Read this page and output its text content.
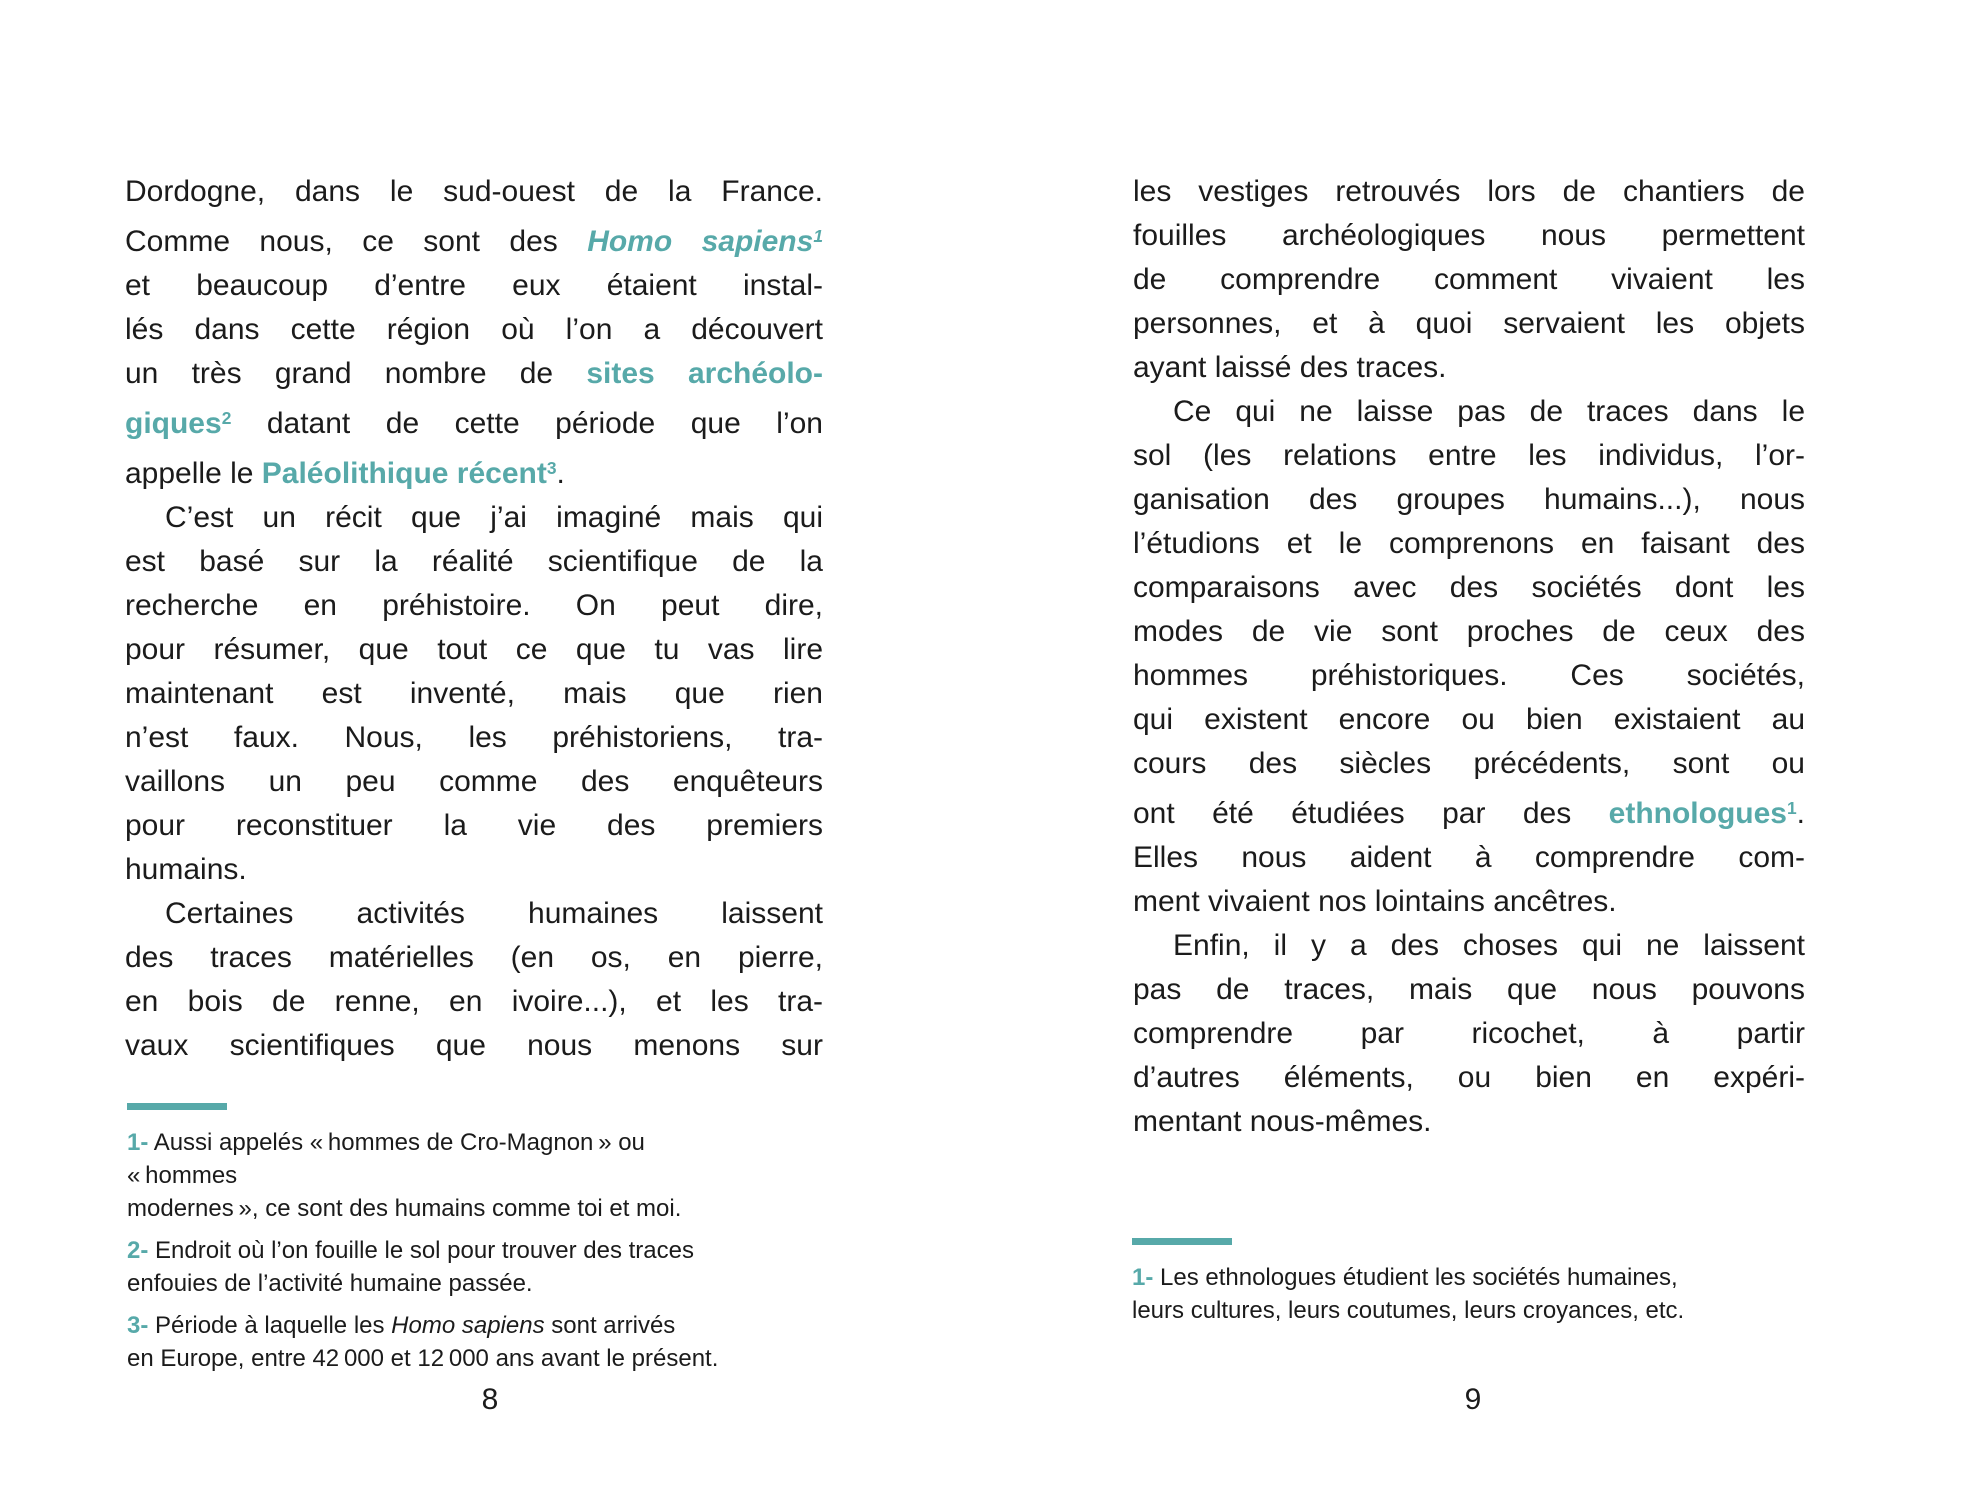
Dordogne, dans le sud-ouest de la France.
Comme nous, ce sont des Homo sapiens$^1$
et beaucoup d’entre eux étaient instal-
lés dans cette région où l’on a découvert
un très grand nombre de sites archéolo-
giques$^2$ datant de cette période que l’on
appelle le Paléolithique récent$^3$.
C’est un récit que j’ai imaginé mais qui
est basé sur la réalité scientifique de la
recherche en préhistoire. On peut dire,
pour résumer, que tout ce que tu vas lire
maintenant est inventé, mais que rien
n’est faux. Nous, les préhistoriens, tra-
vaillons un peu comme des enquêteurs
pour reconstituer la vie des premiers
humains.
Certaines activités humaines laissent
des traces matérielles (en os, en pierre,
en bois de renne, en ivoire...), et les tra-
vaux scientifiques que nous menons sur
1- Aussi appelés « hommes de Cro-Magnon » ou « hommes
modernes », ce sont des humains comme toi et moi.
2- Endroit où l’on fouille le sol pour trouver des traces
enfouies de l’activité humaine passée.
3- Période à laquelle les Homo sapiens sont arrivés
en Europe, entre 42 000 et 12 000 ans avant le présent.
8
les vestiges retrouvés lors de chantiers de
fouilles archéologiques nous permettent
de comprendre comment vivaient les
personnes, et à quoi servaient les objets
ayant laissé des traces.
Ce qui ne laisse pas de traces dans le
sol (les relations entre les individus, l’or-
ganisation des groupes humains...), nous
l’étudions et le comprenons en faisant des
comparaisons avec des sociétés dont les
modes de vie sont proches de ceux des
hommes préhistoriques. Ces sociétés,
qui existent encore ou bien existaient au
cours des siècles précédents, sont ou
ont été étudiées par des ethnologues$^1$.
Elles nous aident à comprendre com-
ment vivaient nos lointains ancêtres.
Enfin, il y a des choses qui ne laissent
pas de traces, mais que nous pouvons
comprendre par ricochet, à partir
d’autres éléments, ou bien en expéri-
mentant nous-mêmes.
1- Les ethnologues étudient les sociétés humaines,
leurs cultures, leurs coutumes, leurs croyances, etc.
9
